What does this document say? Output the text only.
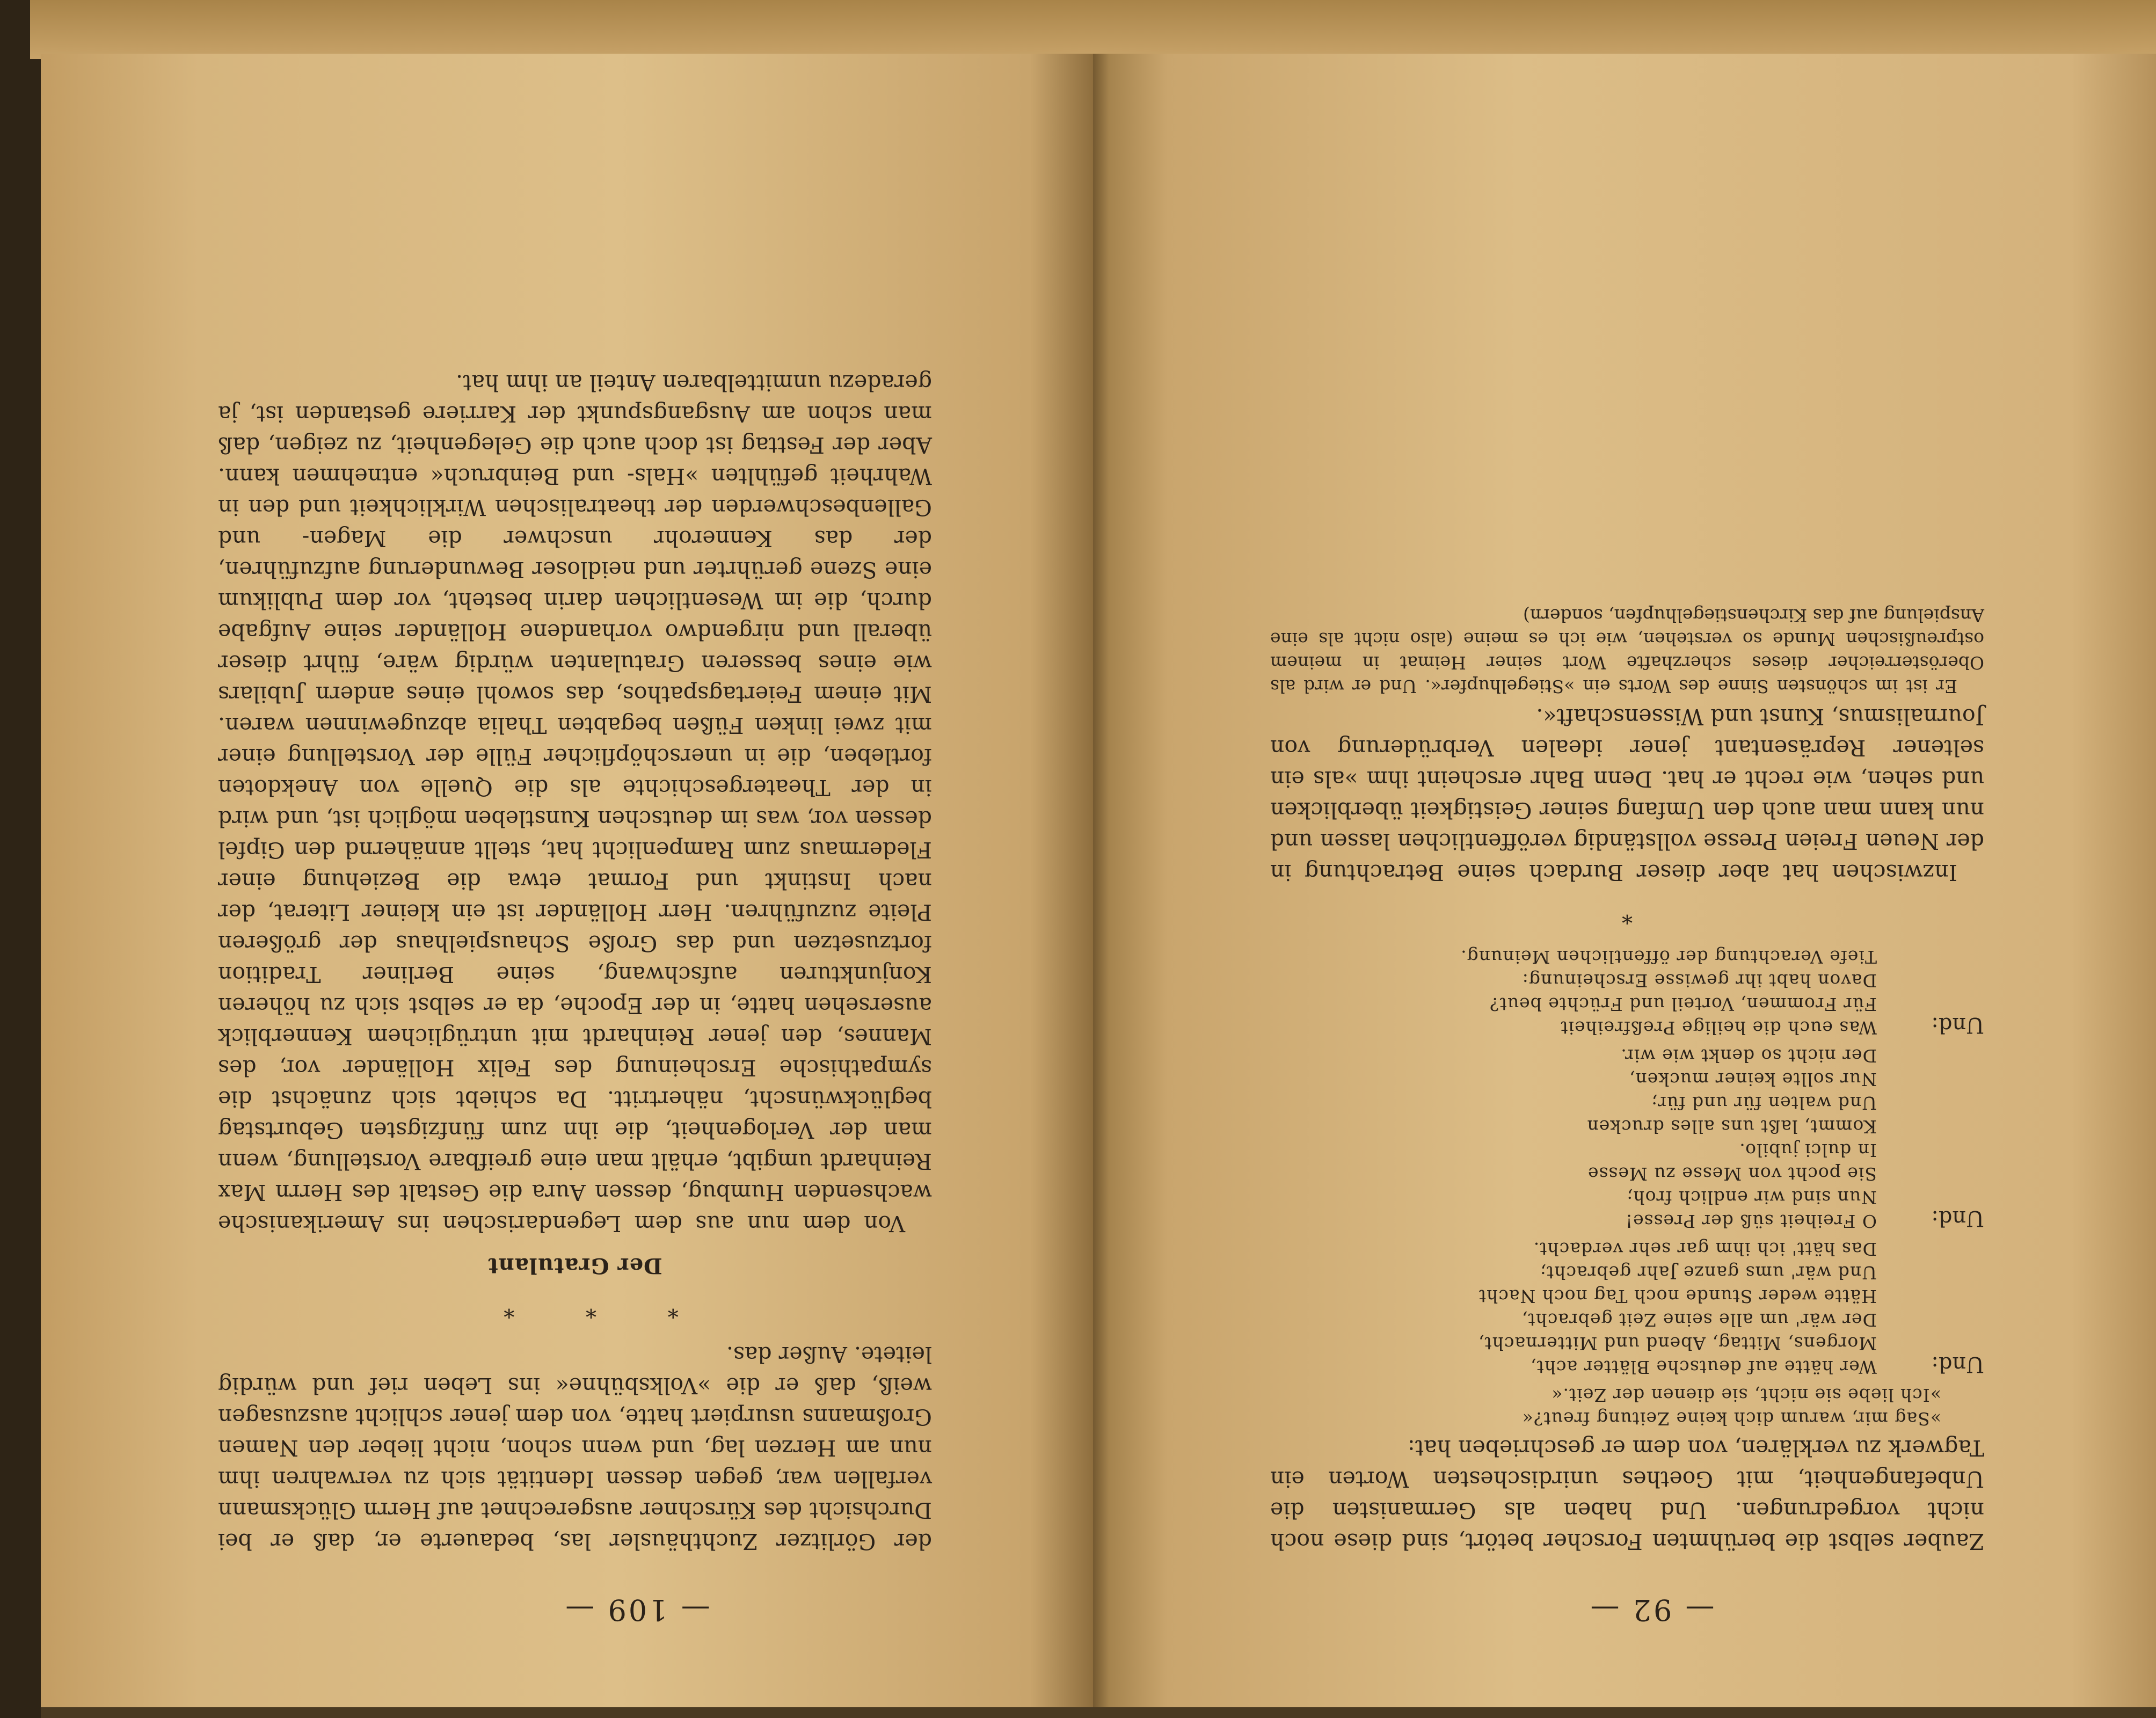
— 92 —

Zauber selbst die berühmten Forscher betört, sind diese noch nicht vorgedrungen. Und haben als Germanisten die Unbefangenheit, mit Goethes unirdischesten Worten ein Tagwerk zu verklären, von dem er geschrieben hat:

»Sag mir, warum dich keine Zeitung freut?«
»Ich liebe sie nicht, sie dienen der Zeit.«
Und:
Wer hätte auf deutsche Blätter acht,
Morgens, Mittag, Abend und Mitternacht,
Der wär' um alle seine Zeit gebracht,
Hätte weder Stunde noch Tag noch Nacht
Und wär' ums ganze Jahr gebracht;
Das hätt' ich ihm gar sehr verdacht.
Und:
O Freiheit süß der Presse!
Nun sind wir endlich froh;
Sie pocht von Messe zu Messe
In dulci jubilo.
Kommt, laßt uns alles drucken
Und walten für und für;
Nur sollte keiner mucken,
Der nicht so denkt wie wir.
Und:
Was euch die heilige Preßfreiheit
Für Frommen, Vorteil und Früchte beut?
Davon habt ihr gewisse Erscheinung:
Tiefe Verachtung der öffentlichen Meinung.
*

Inzwischen hat aber dieser Burdach seine Betrachtung in der Neuen Freien Presse vollständig veröffentlichen lassen und nun kann man auch den Umfang seiner Geistigkeit überblicken und sehen, wie recht er hat. Denn Bahr erscheint ihm »als ein seltener Repräsentant jener idealen Verbrüderung von Journalismus, Kunst und Wissenschaft«.

Er ist im schönsten Sinne des Worts ein »Stiegelhupfer«. Und er wird als Oberösterreicher dieses scherzhafte Wort seiner Heimat in meinem ostpreußischen Munde so verstehen, wie ich es meine (also nicht als eine Anspielung auf das Kirchenstiegelhupfen, sondern)

— 109 —

der Görlitzer Zuchthäusler las, bedauerte er, daß er bei Durchsicht des Kürschner ausgerechnet auf Herrn Glücksmann verfallen war, gegen dessen Identität sich zu verwahren ihm nun am Herzen lag, und wenn schon, nicht lieber den Namen Großmanns usurpiert hatte, von dem jener schlicht auszusagen weiß, daß er die »Volksbühne« ins Leben rief und würdig leitete. Außer das.

* * *
Der Gratulant

Von dem nun aus dem Legendarischen ins Amerikanische wachsenden Humbug, dessen Aura die Gestalt des Herrn Max Reinhardt umgibt, erhält man eine greifbare Vorstellung, wenn man der Verlogenheit, die ihn zum fünfzigsten Geburtstag beglückwünscht, nähertritt. Da schiebt sich zunächst die sympathische Erscheinung des Felix Holländer vor, des Mannes, den jener Reinhardt mit untrüglichem Kennerblick ausersehen hatte, in der Epoche, da er selbst sich zu höheren Konjunkturen aufschwang, seine Berliner Tradition fortzusetzen und das Große Schauspielhaus der größeren Pleite zuzuführen. Herr Holländer ist ein kleiner Literat, der nach Instinkt und Format etwa die Beziehung einer Fledermaus zum Rampenlicht hat, stellt annähernd den Gipfel dessen vor, was im deutschen Kunstleben möglich ist, und wird in der Theatergeschichte als die Quelle von Anekdoten fortleben, die in unerschöpflicher Fülle der Vorstellung einer mit zwei linken Füßen begabten Thalia abzugewinnen waren. Mit einem Feiertagspathos, das sowohl eines andern Jubilars wie eines besseren Gratulanten würdig wäre, führt dieser überall und nirgendwo vorhandene Holländer seine Aufgabe durch, die im Wesentlichen darin besteht, vor dem Publikum eine Szene gerührter und neidloser Bewunderung aufzuführen, der das Kennerohr unschwer die Magen- und Gallenbeschwerden der theatralischen Wirklichkeit und den in Wahrheit gefühlten »Hals- und Beinbruch« entnehmen kann. Aber der Festtag ist doch auch die Gelegenheit, zu zeigen, daß man schon am Ausgangspunkt der Karriere gestanden ist, ja geradezu unmittelbaren Anteil an ihm hat.
